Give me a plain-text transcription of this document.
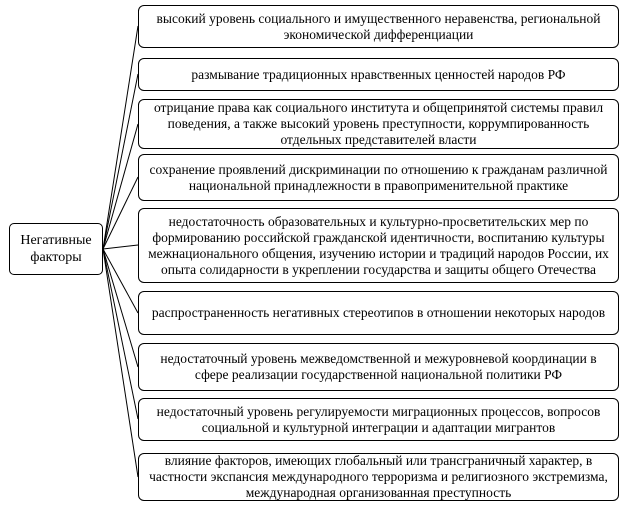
Негативные факторы
высокий уровень социального и имущественного неравенства, региональной экономической дифференциации
размывание традиционных нравственных ценностей народов РФ
отрицание права как социального института и общепринятой системы правил поведения, а также высокий уровень преступности, коррумпированность отдельных представителей власти
сохранение проявлений дискриминации по отношению к гражданам различной национальной принадлежности в правоприменительной практике
недостаточность образовательных и культурно-просветительских мер по формированию российской гражданской идентичности, воспитанию культуры межнационального общения, изучению истории и традиций народов России, их опыта солидарности в укреплении государства и защиты общего Отечества
распространенность негативных стереотипов в отношении некоторых народов
недостаточный уровень межведомственной и межуровневой координации в сфере реализации государственной национальной политики РФ
недостаточный уровень регулируемости миграционных процессов, вопросов социальной и культурной интеграции и адаптации мигрантов
влияние факторов, имеющих глобальный или трансграничный характер, в частности экспансия международного терроризма и религиозного экстремизма, международная организованная преступность
